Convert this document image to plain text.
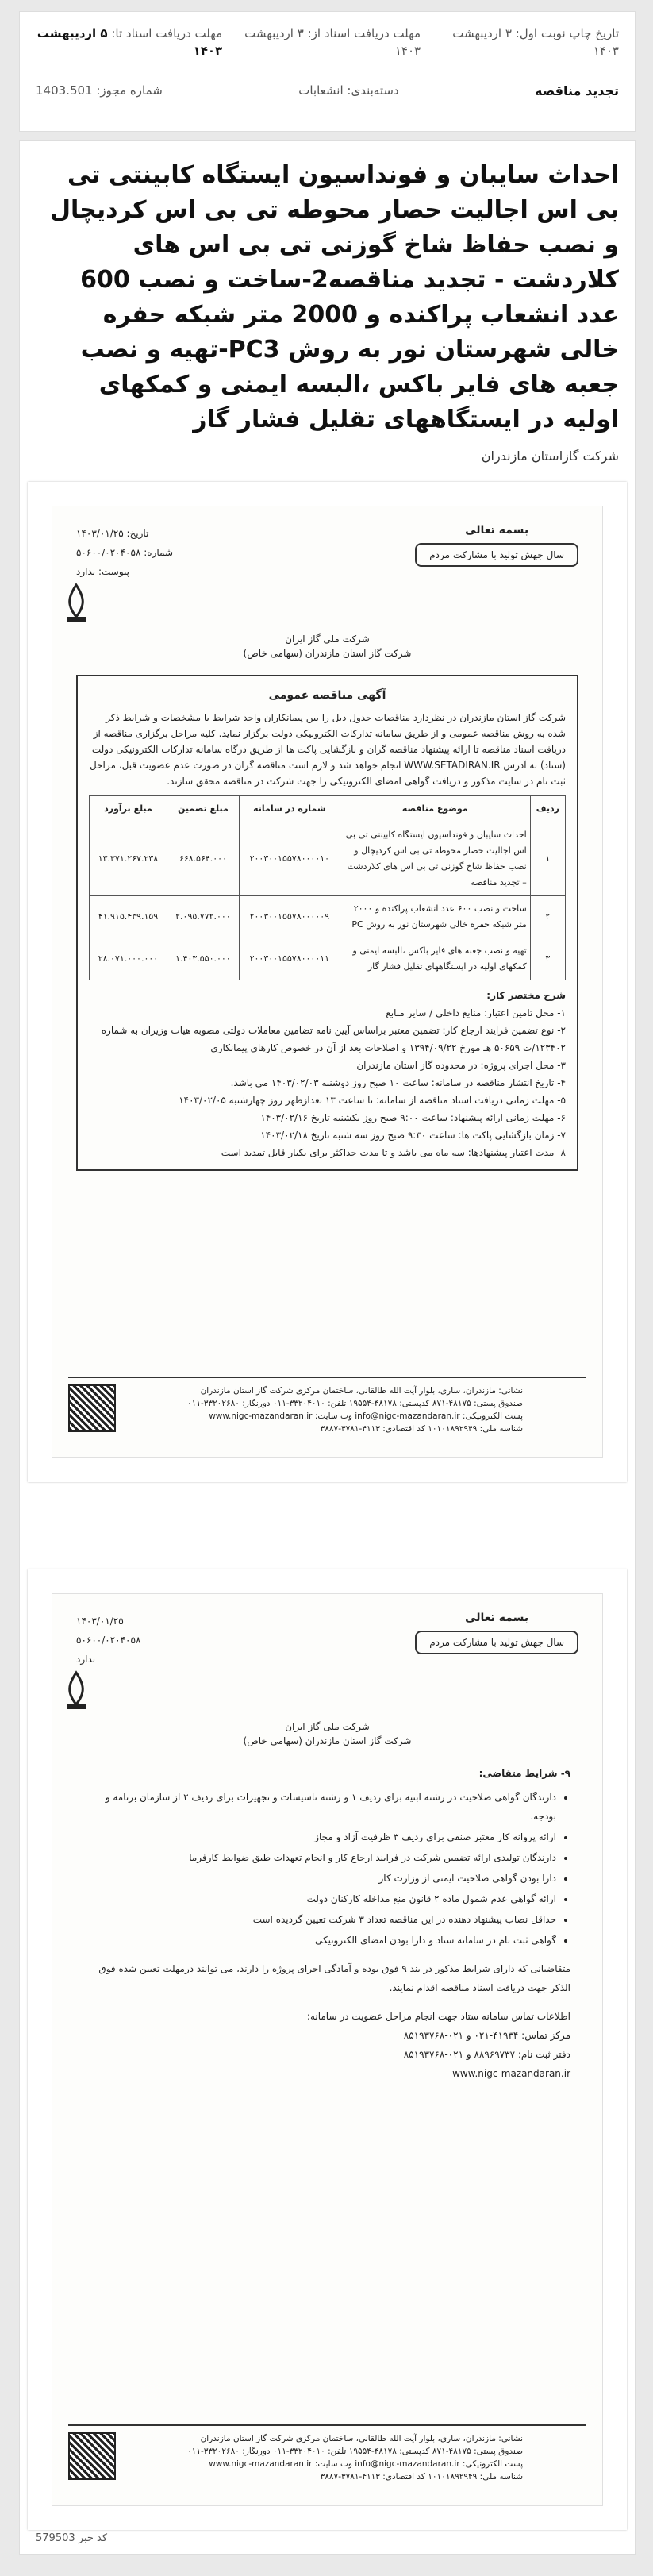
تاریخ چاپ نوبت اول: ۳ اردیبهشت ۱۴۰۳
مهلت دریافت اسناد از: ۳ اردیبهشت ۱۴۰۳
مهلت دریافت اسناد تا: ۵ اردیبهشت ۱۴۰۳
تجدید مناقصه
دسته‌بندی: انشعابات
شماره مجوز: 1403.501
احداث سایبان و فونداسیون ایستگاه کابینتی تی بی اس اجالیت حصار محوطه تی بی اس کردیچال و نصب حفاظ شاخ گوزنی تی بی اس های کلاردشت - تجدید مناقصه2-ساخت و نصب 600 عدد انشعاب پراکنده و 2000 متر شبکه حفره خالی شهرستان نور به روش PC3-تهیه و نصب جعبه های فایر باکس ،البسه ایمنی و کمکهای اولیه در ایستگاههای تقلیل فشار گاز
شرکت گازاستان مازندران
بسمه تعالی
سال جهش تولید با مشارکت مردم
تاریخ: ۱۴۰۳/۰۱/۲۵
شماره: ۵۰۶۰۰/۰۲۰۴۰۵۸
پیوست: ندارد
شرکت ملی گاز ایران
شرکت گاز استان مازندران (سهامی خاص)
آگهی مناقصه عمومی
شرکت گاز استان مازندران در نظردارد مناقصات جدول ذیل را بین پیمانکاران واجد شرایط با مشخصات و شرایط ذکر شده به روش مناقصه عمومی و از طریق سامانه تدارکات الکترونیکی دولت برگزار نماید. کلیه مراحل برگزاری مناقصه از دریافت اسناد مناقصه تا ارائه پیشنهاد مناقصه گران و بازگشایی پاکت ها از طریق درگاه سامانه تدارکات الکترونیکی دولت (ستاد) به آدرس WWW.SETADIRAN.IR انجام خواهد شد و لازم است مناقصه گران در صورت عدم عضویت قبل، مراحل ثبت نام در سایت مذکور و دریافت گواهی امضای الکترونیکی را جهت شرکت در مناقصه محقق سازند.
ردیف	موضوع مناقصه	شماره در سامانه	مبلغ تضمین	مبلغ برآورد
۱	احداث سایبان و فونداسیون ایستگاه کابینتی تی بی اس اجالیت حصار محوطه تی بی اس کردیچال و نصب حفاظ شاخ گوزنی تی بی اس های کلاردشت – تجدید مناقصه	۲۰۰۳۰۰۱۵۵۷۸۰۰۰۰۱۰	۶۶۸.۵۶۴.۰۰۰	۱۳.۳۷۱.۲۶۷.۲۳۸
۲	ساخت و نصب ۶۰۰ عدد انشعاب پراکنده و ۲۰۰۰ متر شبکه حفره خالی شهرستان نور به روش PC	۲۰۰۳۰۰۱۵۵۷۸۰۰۰۰۰۹	۲.۰۹۵.۷۷۲.۰۰۰	۴۱.۹۱۵.۴۳۹.۱۵۹
۳	تهیه و نصب جعبه های فایر باکس ،البسه ایمنی و کمکهای اولیه در ایستگاههای تقلیل فشار گاز	۲۰۰۳۰۰۱۵۵۷۸۰۰۰۰۱۱	۱.۴۰۳.۵۵۰.۰۰۰	۲۸.۰۷۱.۰۰۰.۰۰۰
شرح مختصر کار:
۱- محل تامین اعتبار: منابع داخلی / سایر منابع
۲- نوع تضمین فرایند ارجاع کار: تضمین معتبر براساس آیین نامه تضامین معاملات دولتی مصوبه هیات وزیران به شماره ۱۲۳۴۰۲/ت ۵۰۶۵۹ هـ مورخ ۱۳۹۴/۰۹/۲۲ و اصلاحات بعد از آن در خصوص کارهای پیمانکاری
۳- محل اجرای پروژه: در محدوده گاز استان مازندران
۴- تاریخ انتشار مناقصه در سامانه: ساعت ۱۰ صبح روز دوشنبه ۱۴۰۳/۰۲/۰۳ می باشد.
۵- مهلت زمانی دریافت اسناد مناقصه از سامانه: تا ساعت ۱۳ بعدازظهر روز چهارشنبه ۱۴۰۳/۰۲/۰۵
۶- مهلت زمانی ارائه پیشنهاد: ساعت ۹:۰۰ صبح روز یکشنبه تاریخ ۱۴۰۳/۰۲/۱۶
۷- زمان بازگشایی پاکت ها: ساعت ۹:۳۰ صبح روز سه شنبه تاریخ ۱۴۰۳/۰۲/۱۸
۸- مدت اعتبار پیشنهادها: سه ماه می باشد و تا مدت حداکثر برای یکبار قابل تمدید است
نشانی: مازندران، ساری، بلوار آیت الله طالقانی، ساختمان مرکزی شرکت گاز استان مازندران
صندوق پستی: ۴۸۱۷۵-۸۷۱ کدپستی: ۴۸۱۷۸-۱۹۵۵۴ تلفن: ۳۳۲۰۴۰۱۰-۰۱۱ دورنگار: ۳۳۲۰۲۶۸۰-۰۱۱
پست الکترونیکی: info@nigc-mazandaran.ir وب سایت: www.nigc-mazandaran.ir
شناسه ملی: ۱۰۱۰۱۸۹۲۹۴۹ کد اقتصادی: ۴۱۱۳-۳۷۸۱-۳۸۸۷
بسمه تعالی
سال جهش تولید با مشارکت مردم
۱۴۰۳/۰۱/۲۵
۵۰۶۰۰/۰۲۰۴۰۵۸
ندارد
شرکت ملی گاز ایران
شرکت گاز استان مازندران (سهامی خاص)
۹- شرایط متقاضی:
• دارندگان گواهی صلاحیت در رشته ابنیه برای ردیف ۱ و رشته تاسیسات و تجهیزات برای ردیف ۲ از سازمان برنامه و بودجه.
• ارائه پروانه کار معتبر صنفی برای ردیف ۳ ظرفیت آزاد و مجاز
• دارندگان تولیدی ارائه تضمین شرکت در فرایند ارجاع کار و انجام تعهدات طبق ضوابط کارفرما
• دارا بودن گواهی صلاحیت ایمنی از وزارت کار
• ارائه گواهی عدم شمول ماده ۲ قانون منع مداخله کارکنان دولت
• حداقل نصاب پیشنهاد دهنده در این مناقصه تعداد ۳ شرکت تعیین گردیده است
• گواهی ثبت نام در سامانه ستاد و دارا بودن امضای الکترونیکی

متقاضیانی که دارای شرایط مذکور در بند ۹ فوق بوده و آمادگی اجرای پروژه را دارند، می توانند درمهلت تعیین شده فوق الذکر جهت دریافت اسناد مناقصه اقدام نمایند.

اطلاعات تماس سامانه ستاد جهت انجام مراحل عضویت در سامانه:
مرکز تماس: ۴۱۹۳۴-۰۲۱ و ۰۲۱-۸۵۱۹۳۷۶۸
دفتر ثبت نام: ۸۸۹۶۹۷۳۷ و ۰۲۱-۸۵۱۹۳۷۶۸
www.nigc-mazandaran.ir
نشانی: مازندران، ساری، بلوار آیت الله طالقانی، ساختمان مرکزی شرکت گاز استان مازندران
صندوق پستی: ۴۸۱۷۵-۸۷۱ کدپستی: ۴۸۱۷۸-۱۹۵۵۴ تلفن: ۳۳۲۰۴۰۱۰-۰۱۱ دورنگار: ۳۳۲۰۲۶۸۰-۰۱۱
پست الکترونیکی: info@nigc-mazandaran.ir وب سایت: www.nigc-mazandaran.ir
شناسه ملی: ۱۰۱۰۱۸۹۲۹۴۹ کد اقتصادی: ۴۱۱۳-۳۷۸۱-۳۸۸۷
کد خبر 579503
